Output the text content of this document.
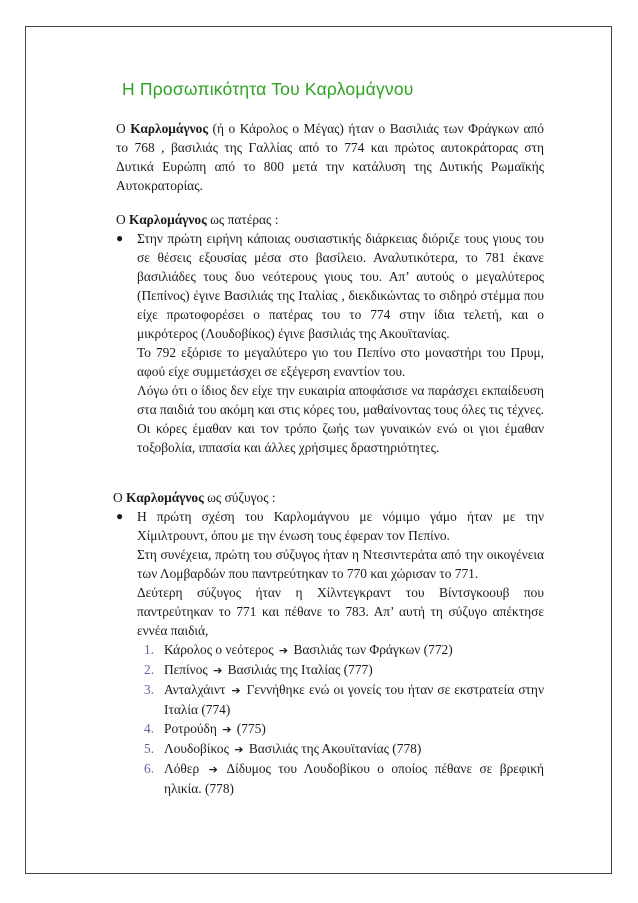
Η Προσωπικότητα Του Καρλομάγνου

Ο Καρλομάγνος (ή ο Κάρολος ο Μέγας) ήταν ο Βασιλιάς των Φράγκων από το 768 , βασιλιάς της Γαλλίας από το 774 και πρώτος αυτοκράτορας στη Δυτικά Ευρώπη από το 800 μετά την κατάλυση της Δυτικής Ρωμαϊκής Αυτοκρατορίας.

Ο Καρλομάγνος ως πατέρας :

●	Στην πρώτη ειρήνη κάποιας ουσιαστικής διάρκειας διόριζε τους γιους του σε θέσεις εξουσίας μέσα στο βασίλειο. Αναλυτικότερα, το 781 έκανε βασιλιάδες τους δυο νεότερους γιους του. Απ’ αυτούς ο μεγαλύτερος (Πεπίνος) έγινε Βασιλιάς της Ιταλίας , διεκδικώντας το σιδηρό στέμμα που είχε πρωτοφορέσει ο πατέρας του το 774 στην ίδια τελετή, και ο μικρότερος (Λουδοβίκος) έγινε βασιλιάς της Ακουϊτανίας.

Το 792 εξόρισε το μεγαλύτερο γιο του Πεπίνο στο μοναστήρι του Πρυμ, αφού είχε συμμετάσχει σε εξέγερση εναντίον του.

Λόγω ότι ο ίδιος δεν είχε την ευκαιρία αποφάσισε να παράσχει εκπαίδευση στα παιδιά του ακόμη και στις κόρες του, μαθαίνοντας τους όλες τις τέχνες. Οι κόρες έμαθαν και τον τρόπο ζωής των γυναικών ενώ οι γιοι έμαθαν τοξοβολία, ιππασία και άλλες χρήσιμες δραστηριότητες.

Ο Καρλομάγνος ως σύζυγος :

●	Η πρώτη σχέση του Καρλομάγνου με νόμιμο γάμο ήταν με την Χίμιλτρουντ, όπου με την ένωση τους έφεραν τον Πεπίνο.

Στη συνέχεια, πρώτη του σύζυγος ήταν η Ντεσιντεράτα από την οικογένεια των Λομβαρδών που παντρεύτηκαν το 770 και χώρισαν το 771.

Δεύτερη σύζυγος ήταν η Χίλντεγκραντ του Βίντσγκοουβ που παντρεύτηκαν το 771 και πέθανε το 783. Απ’ αυτή τη σύζυγο απέκτησε εννέα παιδιά,

1. Κάρολος ο νεότερος ➔ Βασιλιάς των Φράγκων (772)
2. Πεπίνος ➔ Βασιλιάς της Ιταλίας (777)
3. Ανταλχάιντ ➔ Γεννήθηκε ενώ οι γονείς του ήταν σε εκστρατεία στην Ιταλία (774)
4. Ροτρούδη ➔ (775)
5. Λουδοβίκος ➔ Βασιλιάς της Ακουϊτανίας (778)
6. Λόθερ ➔ Δίδυμος του Λουδοβίκου ο οποίος πέθανε σε βρεφική ηλικία. (778)
